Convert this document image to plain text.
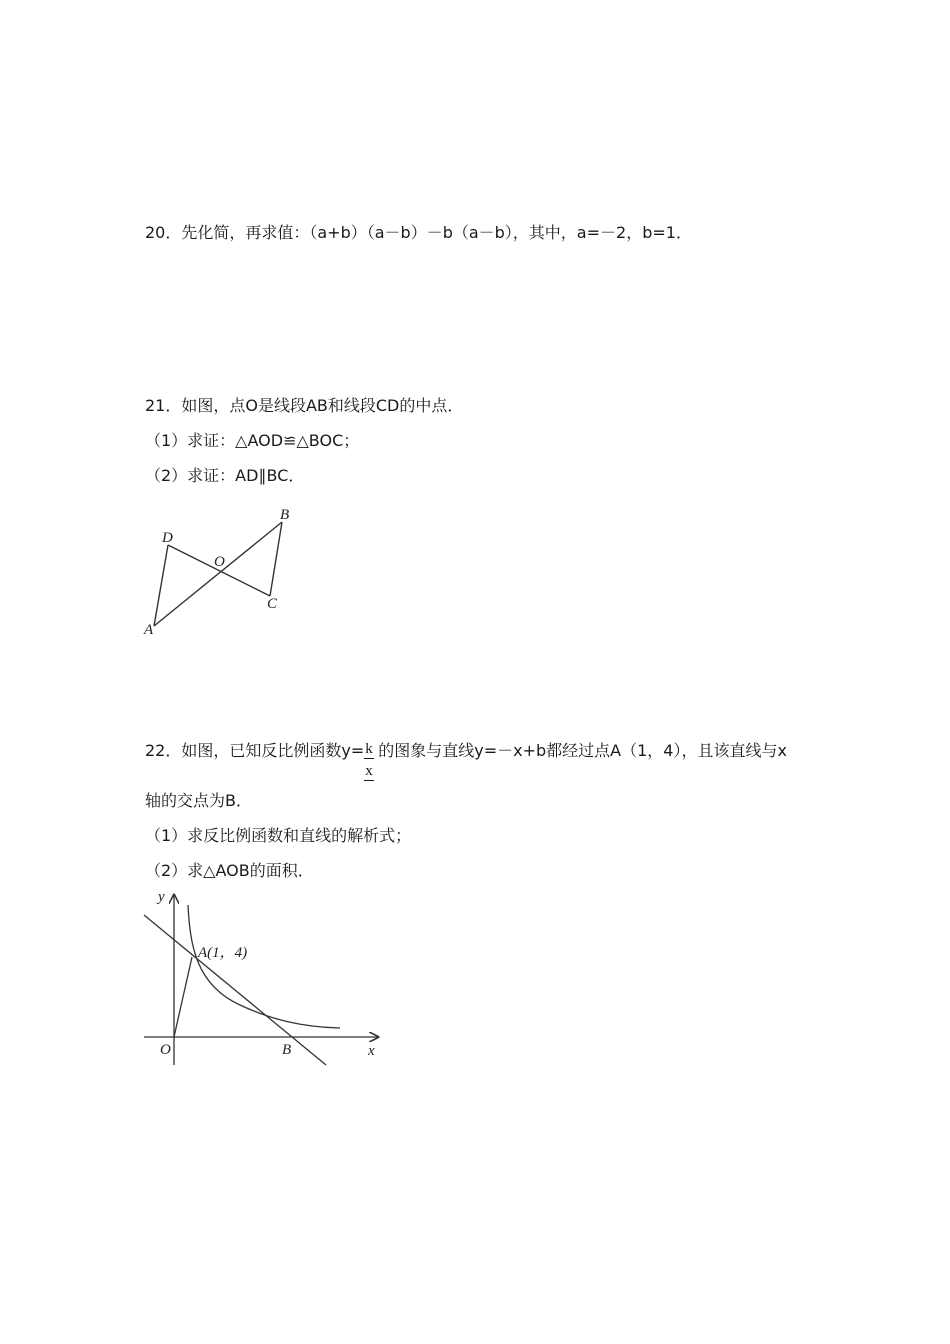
20．先化简，再求值：（a+b）（a－b）－b（a－b），其中，a=－2，b=1．
21．如图，点O是线段AB和线段CD的中点．
（1）求证：△AOD≌△BOC；
（2）求证：AD∥BC．
A
B
C
D
O
22．如图，已知反比例函数$y= \frac{k}{x}$ 的图象与直线y=－x+b都经过点A（1，4），且该直线与x
轴的交点为B．
（1）求反比例函数和直线的解析式；
（2）求△AOB的面积．
y
x
O	B
A(1，4)
